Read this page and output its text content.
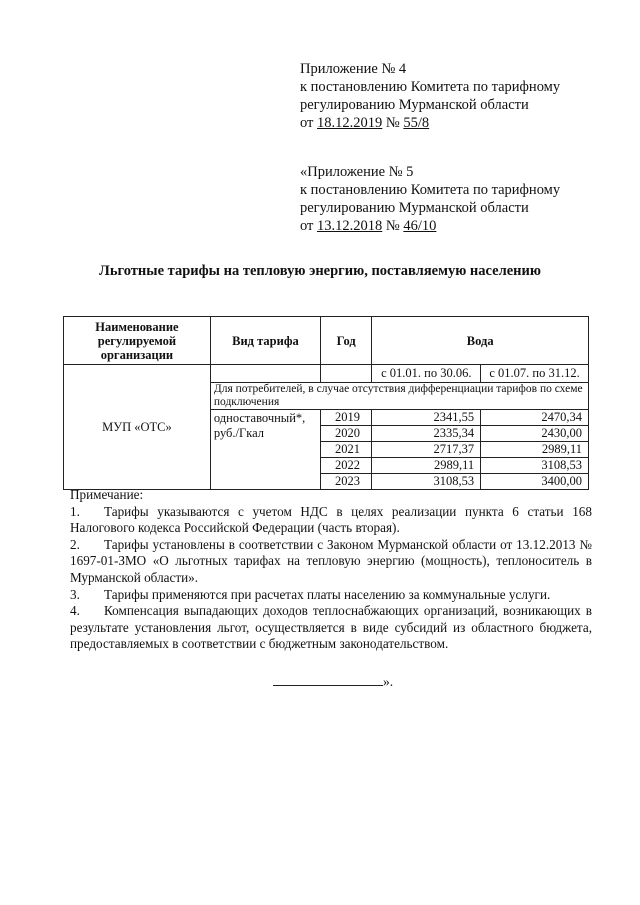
Приложение № 4
к постановлению Комитета по тарифному
регулированию Мурманской области
от 18.12.2019 № 55/8
«Приложение № 5
к постановлению Комитета по тарифному
регулированию Мурманской области
от 13.12.2018 № 46/10
Льготные тарифы на тепловую энергию, поставляемую населению
Наименование регулируемой организации	Вид тарифа	Год	Вода	
МУП «ОТС»			с 01.01. по 30.06.	с 01.07. по 31.12.
	Для потребителей, в случае отсутствия дифференциации тарифов по схеме подключения			
	одноставочный*, руб./Гкал	2019	2341,55	2470,34
		2020	2335,34	2430,00
		2021	2717,37	2989,11
		2022	2989,11	3108,53
		2023	3108,53	3400,00

Примечание:

1. Тарифы указываются с учетом НДС в целях реализации пункта 6 статьи 168 Налогового кодекса Российской Федерации (часть вторая).

2. Тарифы установлены в соответствии с Законом Мурманской области от 13.12.2013 № 1697-01-ЗМО «О льготных тарифах на тепловую энергию (мощность), теплоноситель в Мурманской области».

3. Тарифы применяются при расчетах платы населению за коммунальные услуги.

4. Компенсация выпадающих доходов теплоснабжающих организаций, возникающих в результате установления льгот, осуществляется в виде субсидий из областного бюджета, предоставляемых в соответствии с бюджетным законодательством.

».
